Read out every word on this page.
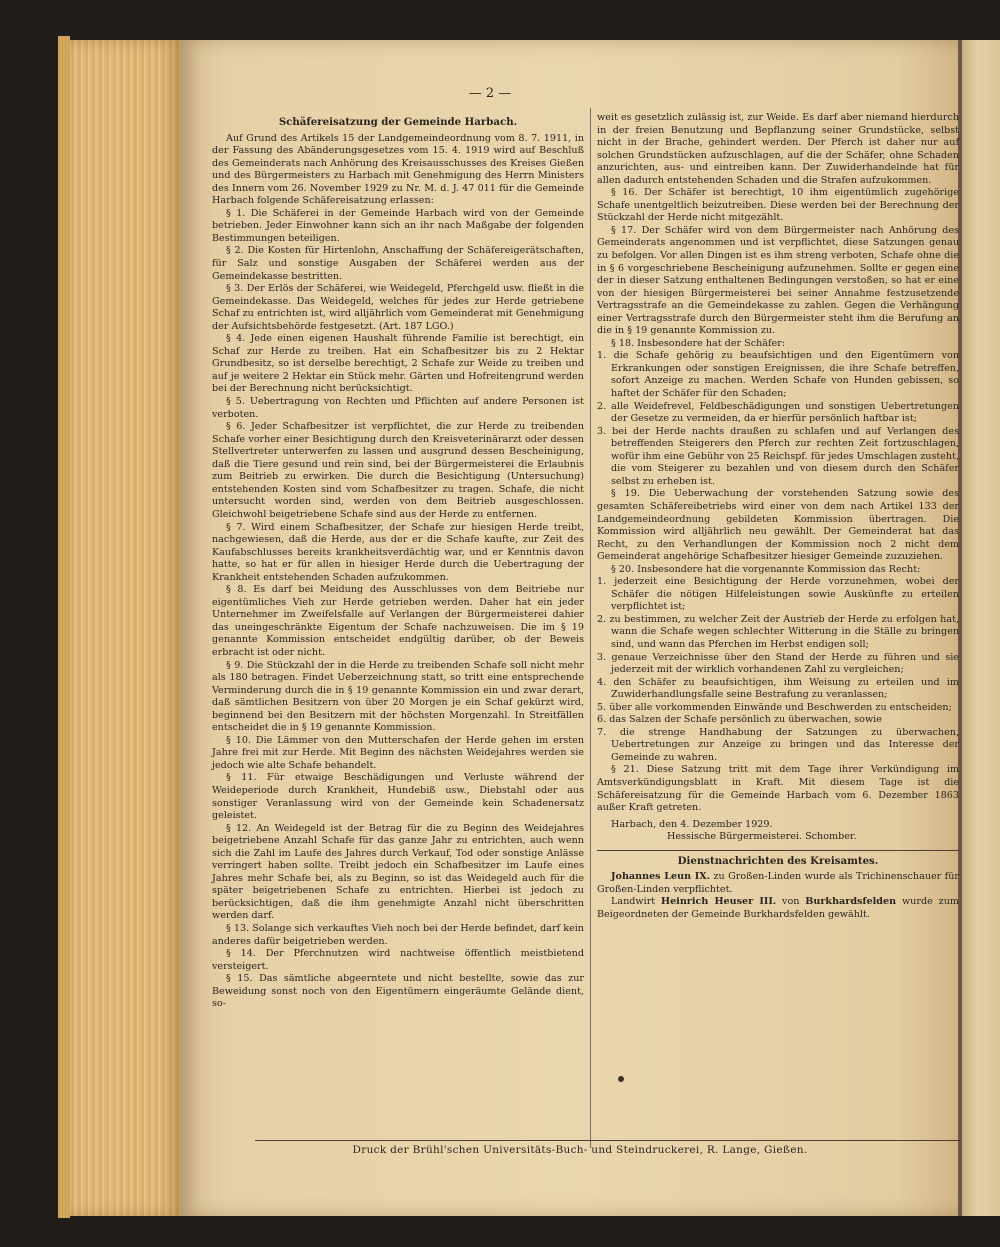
— 2 —

Schäfereisatzung der Gemeinde Harbach.

Auf Grund des Artikels 15 der Landgemeindeordnung vom 8. 7. 1911, in der Fassung des Abänderungsgesetzes vom 15. 4. 1919 wird auf Beschluß des Gemeinderats nach Anhörung des Kreisausschusses des Kreises Gießen und des Bürgermeisters zu Harbach mit Genehmigung des Herrn Ministers des Innern vom 26. November 1929 zu Nr. M. d. J. 47 011 für die Gemeinde Harbach folgende Schäfereisatzung erlassen:

§ 1. Die Schäferei in der Gemeinde Harbach wird von der Gemeinde betrieben. Jeder Einwohner kann sich an ihr nach Maßgabe der folgenden Bestimmungen beteiligen.

§ 2. Die Kosten für Hirtenlohn, Anschaffung der Schäfereigerätschaften, für Salz und sonstige Ausgaben der Schäferei werden aus der Gemeindekasse bestritten.

§ 3. Der Erlös der Schäferei, wie Weidegeld, Pferchgeld usw. fließt in die Gemeindekasse. Das Weidegeld, welches für jedes zur Herde getriebene Schaf zu entrichten ist, wird alljährlich vom Gemeinderat mit Genehmigung der Aufsichtsbehörde festgesetzt. (Art. 187 LGO.)

§ 4. Jede einen eigenen Haushalt führende Familie ist berechtigt, ein Schaf zur Herde zu treiben. Hat ein Schafbesitzer bis zu 2 Hektar Grundbesitz, so ist derselbe berechtigt, 2 Schafe zur Weide zu treiben und auf je weitere 2 Hektar ein Stück mehr. Gärten und Hofreitengrund werden bei der Berechnung nicht berücksichtigt.

§ 5. Uebertragung von Rechten und Pflichten auf andere Personen ist verboten.

§ 6. Jeder Schafbesitzer ist verpflichtet, die zur Herde zu treibenden Schafe vorher einer Besichtigung durch den Kreisveterinärarzt oder dessen Stellvertreter unterwerfen zu lassen und ausgrund dessen Bescheinigung, daß die Tiere gesund und rein sind, bei der Bürgermeisterei die Erlaubnis zum Beitrieb zu erwirken. Die durch die Besichtigung (Untersuchung) entstehenden Kosten sind vom Schafbesitzer zu tragen. Schafe, die nicht untersucht worden sind, werden von dem Beitrieb ausgeschlossen. Gleichwohl beigetriebene Schafe sind aus der Herde zu entfernen.

§ 7. Wird einem Schafbesitzer, der Schafe zur hiesigen Herde treibt, nachgewiesen, daß die Herde, aus der er die Schafe kaufte, zur Zeit des Kaufabschlusses bereits krankheitsverdächtig war, und er Kenntnis davon hatte, so hat er für allen in hiesiger Herde durch die Uebertragung der Krankheit entstehenden Schaden aufzukommen.

§ 8. Es darf bei Meidung des Ausschlusses von dem Beitriebe nur eigentümliches Vieh zur Herde getrieben werden. Daher hat ein jeder Unternehmer im Zweifelsfalle auf Verlangen der Bürgermeisterei dahier das uneingeschränkte Eigentum der Schafe nachzuweisen. Die im § 19 genannte Kommission entscheidet endgültig darüber, ob der Beweis erbracht ist oder nicht.

§ 9. Die Stückzahl der in die Herde zu treibenden Schafe soll nicht mehr als 180 betragen. Findet Ueberzeichnung statt, so tritt eine entsprechende Verminderung durch die in § 19 genannte Kommission ein und zwar derart, daß sämtlichen Besitzern von über 20 Morgen je ein Schaf gekürzt wird, beginnend bei den Besitzern mit der höchsten Morgenzahl. In Streitfällen entscheidet die in § 19 genannte Kommission.

§ 10. Die Lämmer von den Mutterschafen der Herde gehen im ersten Jahre frei mit zur Herde. Mit Beginn des nächsten Weidejahres werden sie jedoch wie alte Schafe behandelt.

§ 11. Für etwaige Beschädigungen und Verluste während der Weideperiode durch Krankheit, Hundebiß usw., Diebstahl oder aus sonstiger Veranlassung wird von der Gemeinde kein Schadenersatz geleistet.

§ 12. An Weidegeld ist der Betrag für die zu Beginn des Weidejahres beigetriebene Anzahl Schafe für das ganze Jahr zu entrichten, auch wenn sich die Zahl im Laufe des Jahres durch Verkauf, Tod oder sonstige Anlässe verringert haben sollte. Treibt jedoch ein Schafbesitzer im Laufe eines Jahres mehr Schafe bei, als zu Beginn, so ist das Weidegeld auch für die später beigetriebenen Schafe zu entrichten. Hierbei ist jedoch zu berücksichtigen, daß die ihm genehmigte Anzahl nicht überschritten werden darf.

§ 13. Solange sich verkauftes Vieh noch bei der Herde befindet, darf kein anderes dafür beigetrieben werden.

§ 14. Der Pferchnutzen wird nachtweise öffentlich meistbietend versteigert.

§ 15. Das sämtliche abgeerntete und nicht bestellte, sowie das zur Beweidung sonst noch von den Eigentümern eingeräumte Gelände dient, so-

weit es gesetzlich zulässig ist, zur Weide. Es darf aber niemand hierdurch in der freien Benutzung und Bepflanzung seiner Grundstücke, selbst nicht in der Brache, gehindert werden. Der Pferch ist daher nur auf solchen Grundstücken aufzuschlagen, auf die der Schäfer, ohne Schaden anzurichten, aus- und eintreiben kann. Der Zuwiderhandelnde hat für allen dadurch entstehenden Schaden und die Strafen aufzukommen.

§ 16. Der Schäfer ist berechtigt, 10 ihm eigentümlich zugehörige Schafe unentgeltlich beizutreiben. Diese werden bei der Berechnung der Stückzahl der Herde nicht mitgezählt.

§ 17. Der Schäfer wird von dem Bürgermeister nach Anhörung des Gemeinderats angenommen und ist verpflichtet, diese Satzungen genau zu befolgen. Vor allen Dingen ist es ihm streng verboten, Schafe ohne die in § 6 vorgeschriebene Bescheinigung aufzunehmen. Sollte er gegen eine der in dieser Satzung enthaltenen Bedingungen verstoßen, so hat er eine von der hiesigen Bürgermeisterei bei seiner Annahme festzusetzende Vertragsstrafe an die Gemeindekasse zu zahlen. Gegen die Verhängung einer Vertragsstrafe durch den Bürgermeister steht ihm die Berufung an die in § 19 genannte Kommission zu.

§ 18. Insbesondere hat der Schäfer:

1. die Schafe gehörig zu beaufsichtigen und den Eigentümern von Erkrankungen oder sonstigen Ereignissen, die ihre Schafe betreffen, sofort Anzeige zu machen. Werden Schafe von Hunden gebissen, so haftet der Schäfer für den Schaden;

2. alle Weidefrevel, Feldbeschädigungen und sonstigen Uebertretungen der Gesetze zu vermeiden, da er hierfür persönlich haftbar ist;

3. bei der Herde nachts draußen zu schlafen und auf Verlangen des betreffenden Steigerers den Pferch zur rechten Zeit fortzuschlagen, wofür ihm eine Gebühr von 25 Reichspf. für jedes Umschlagen zusteht, die vom Steigerer zu bezahlen und von diesem durch den Schäfer selbst zu erheben ist.

§ 19. Die Ueberwachung der vorstehenden Satzung sowie des gesamten Schäfereibetriebs wird einer von dem nach Artikel 133 der Landgemeindeordnung gebildeten Kommission übertragen. Die Kommission wird alljährlich neu gewählt. Der Gemeinderat hat das Recht, zu den Verhandlungen der Kommission noch 2 nicht dem Gemeinderat angehörige Schafbesitzer hiesiger Gemeinde zuzuziehen.

§ 20. Insbesondere hat die vorgenannte Kommission das Recht:

1. jederzeit eine Besichtigung der Herde vorzunehmen, wobei der Schäfer die nötigen Hilfeleistungen sowie Auskünfte zu erteilen verpflichtet ist;

2. zu bestimmen, zu welcher Zeit der Austrieb der Herde zu erfolgen hat, wann die Schafe wegen schlechter Witterung in die Ställe zu bringen sind, und wann das Pferchen im Herbst endigen soll;

3. genaue Verzeichnisse über den Stand der Herde zu führen und sie jederzeit mit der wirklich vorhandenen Zahl zu vergleichen;

4. den Schäfer zu beaufsichtigen, ihm Weisung zu erteilen und im Zuwiderhandlungsfalle seine Bestrafung zu veranlassen;

5. über alle vorkommenden Einwände und Beschwerden zu entscheiden;

6. das Salzen der Schafe persönlich zu überwachen, sowie

7. die strenge Handhabung der Satzungen zu überwachen, Uebertretungen zur Anzeige zu bringen und das Interesse der Gemeinde zu wahren.

§ 21. Diese Satzung tritt mit dem Tage ihrer Verkündigung im Amtsverkündigungsblatt in Kraft. Mit diesem Tage ist die Schäfereisatzung für die Gemeinde Harbach vom 6. Dezember 1863 außer Kraft getreten.

Harbach, den 4. Dezember 1929.

Hessische Bürgermeisterei. Schomber.

Dienstnachrichten des Kreisamtes.

Johannes Leun IX. zu Großen-Linden wurde als Trichinenschauer für Großen-Linden verpflichtet.

Landwirt Heinrich Heuser III. von Burkhardsfelden wurde zum Beigeordneten der Gemeinde Burkhardsfelden gewählt.

Druck der Brühl'schen Universitäts-Buch- und Steindruckerei, R. Lange, Gießen.
